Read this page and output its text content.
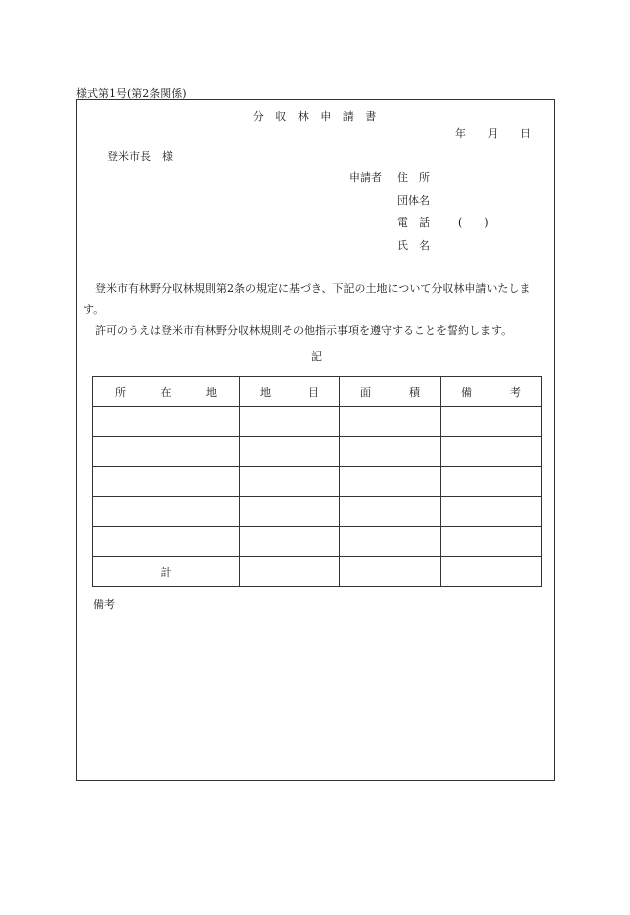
様式第1号(第2条関係)
分 収 林 申 請 書
年 月 日
登米市長　様
申請者 住　所
団体名
電　話	(　　)
氏　名

登米市有林野分収林規則第2条の規定に基づき、下記の土地について分収林申請いたします。

許可のうえは登米市有林野分収林規則その他指示事項を遵守することを誓約します。

記
所 在 地	地 目	面 積	備 考

計			
備考
